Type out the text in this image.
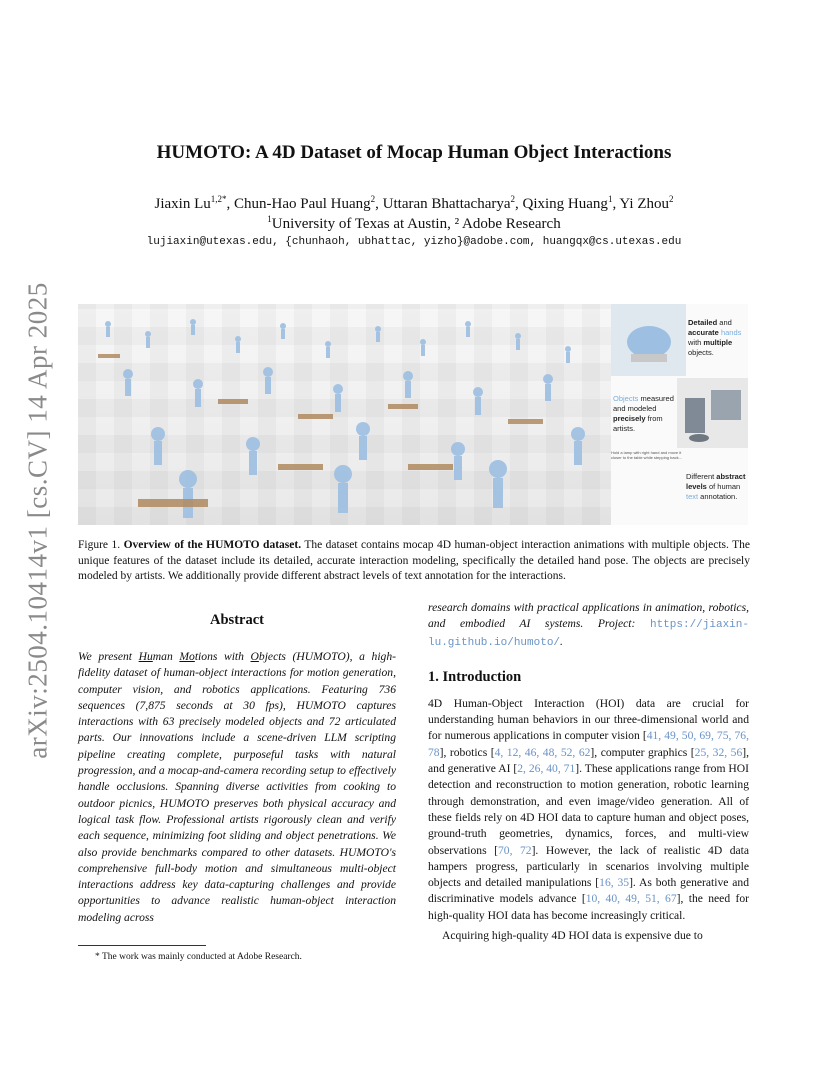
arXiv:2504.10414v1 [cs.CV] 14 Apr 2025
HUMOTO: A 4D Dataset of Mocap Human Object Interactions
Jiaxin $Lu^{1,2*}$, Chun-Hao Paul Huang$^2$, Uttaran Bhattacharya$^2$, Qixing Huang$^1$, Yi Zhou$^2$
$^1$University of Texas at Austin, ² Adobe Research
lujiaxin@utexas.edu, {chunhaoh, ubhattac, yizho}@adobe.com, huangqx@cs.utexas.edu
Detailed and accurate hands with multiple objects.
Objects measured and modeled precisely from artists.
Hold a lamp with right hand and move it closer to the table while stepping back...
Different abstract levels of human text annotation.
Figure 1. Overview of the HUMOTO dataset. The dataset contains mocap 4D human-object interaction animations with multiple objects. The unique features of the dataset include its detailed, accurate interaction modeling, specifically the detailed hand pose. The objects are precisely modeled by artists. We additionally provide different abstract levels of text annotation for the interactions.
Abstract

We present Human Motions with Objects (HUMOTO), a high-fidelity dataset of human-object interactions for motion generation, computer vision, and robotics applications. Featuring 736 sequences (7,875 seconds at 30 fps), HUMOTO captures interactions with 63 precisely modeled objects and 72 articulated parts. Our innovations include a scene-driven LLM scripting pipeline creating complete, purposeful tasks with natural progression, and a mocap-and-camera recording setup to effectively handle occlusions. Spanning diverse activities from cooking to outdoor picnics, HUMOTO preserves both physical accuracy and logical task flow. Professional artists rigorously clean and verify each sequence, minimizing foot sliding and object penetrations. We also provide benchmarks compared to other datasets. HUMOTO's comprehensive full-body motion and simultaneous multi-object interactions address key data-capturing challenges and provide opportunities to advance realistic human-object interaction modeling across

research domains with practical applications in animation, robotics, and embodied AI systems. Project: https://jiaxin-lu.github.io/humoto/.

1. Introduction

4D Human-Object Interaction (HOI) data are crucial for understanding human behaviors in our three-dimensional world and for numerous applications in computer vision [41, 49, 50, 69, 75, 76, 78], robotics [4, 12, 46, 48, 52, 62], computer graphics [25, 32, 56], and generative AI [2, 26, 40, 71]. These applications range from HOI detection and reconstruction to motion generation, robotic learning through demonstration, and even image/video generation. All of these fields rely on 4D HOI data to capture human and object poses, ground-truth geometries, dynamics, forces, and multi-view observations [70, 72]. However, the lack of realistic 4D data hampers progress, particularly in scenarios involving multiple objects and detailed manipulations [16, 35]. As both generative and discriminative models advance [10, 40, 49, 51, 67], the need for high-quality HOI data has become increasingly critical.

Acquiring high-quality 4D HOI data is expensive due to

* The work was mainly conducted at Adobe Research.
